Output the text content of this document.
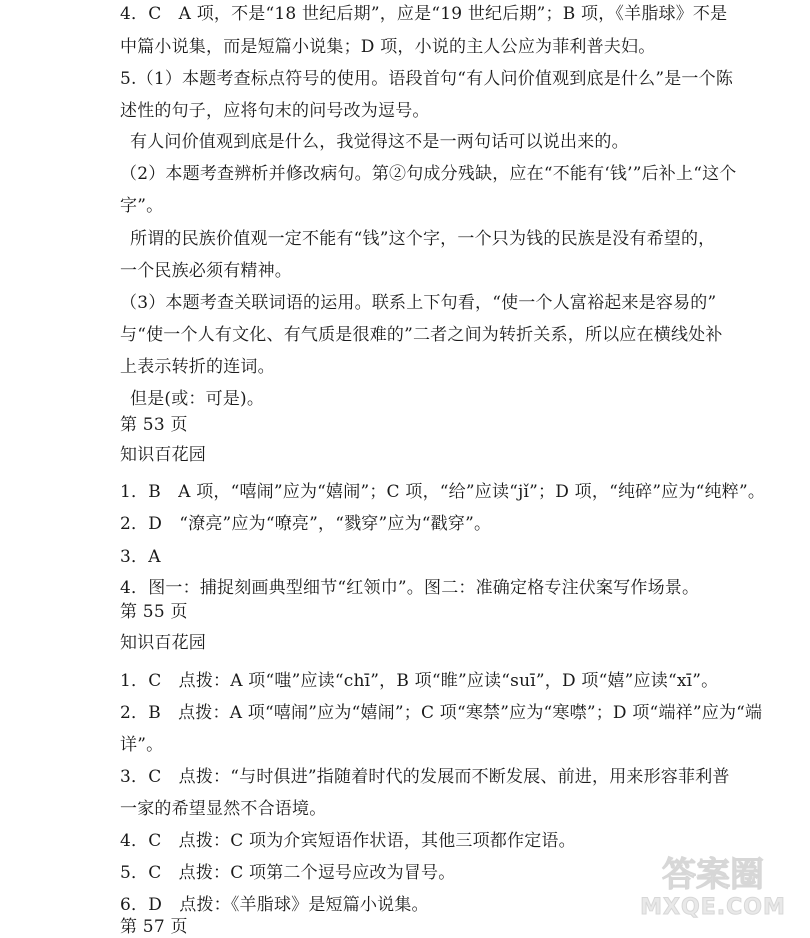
4．C　A 项，不是“18 世纪后期”，应是“19 世纪后期”；B 项，《羊脂球》不是
中篇小说集，而是短篇小说集；D 项，小说的主人公应为菲利普夫妇。
5.（1）本题考查标点符号的使用。语段首句“有人问价值观到底是什么”是一个陈
述性的句子，应将句末的问号改为逗号。
有人问价值观到底是什么，我觉得这不是一两句话可以说出来的。
（2）本题考查辨析并修改病句。第②句成分残缺，应在“不能有‘钱’”后补上“这个
字”。
所谓的民族价值观一定不能有“钱”这个字，一个只为钱的民族是没有希望的，
一个民族必须有精神。
（3）本题考查关联词语的运用。联系上下句看，“使一个人富裕起来是容易的”
与“使一个人有文化、有气质是很难的”二者之间为转折关系，所以应在横线处补
上表示转折的连词。
但是(或：可是)。
第 53 页
知识百花园
1．B　A 项，“嘻闹”应为“嬉闹”；C 项，“给”应读“jǐ”；D 项，“纯碎”应为“纯粹”。
2．D　“潦亮”应为“嘹亮”，“戮穿”应为“戳穿”。
3．A
4．图一：捕捉刻画典型细节“红领巾”。图二：准确定格专注伏案写作场景。
第 55 页
知识百花园
1．C　点拨：A 项“嗤”应读“chī”，B 项“睢”应读“suī”，D 项“嬉”应读“xī”。
2．B　点拨：A 项“嘻闹”应为“嬉闹”；C 项“寒禁”应为“寒噤”；D 项“端祥”应为“端
详”。
3．C　点拨：“与时俱进”指随着时代的发展而不断发展、前进，用来形容菲利普
一家的希望显然不合语境。
4．C　点拨：C 项为介宾短语作状语，其他三项都作定语。
5．C　点拨：C 项第二个逗号应改为冒号。
6．D　点拨：《羊脂球》是短篇小说集。
第 57 页
答案圈
MXQE.COM
